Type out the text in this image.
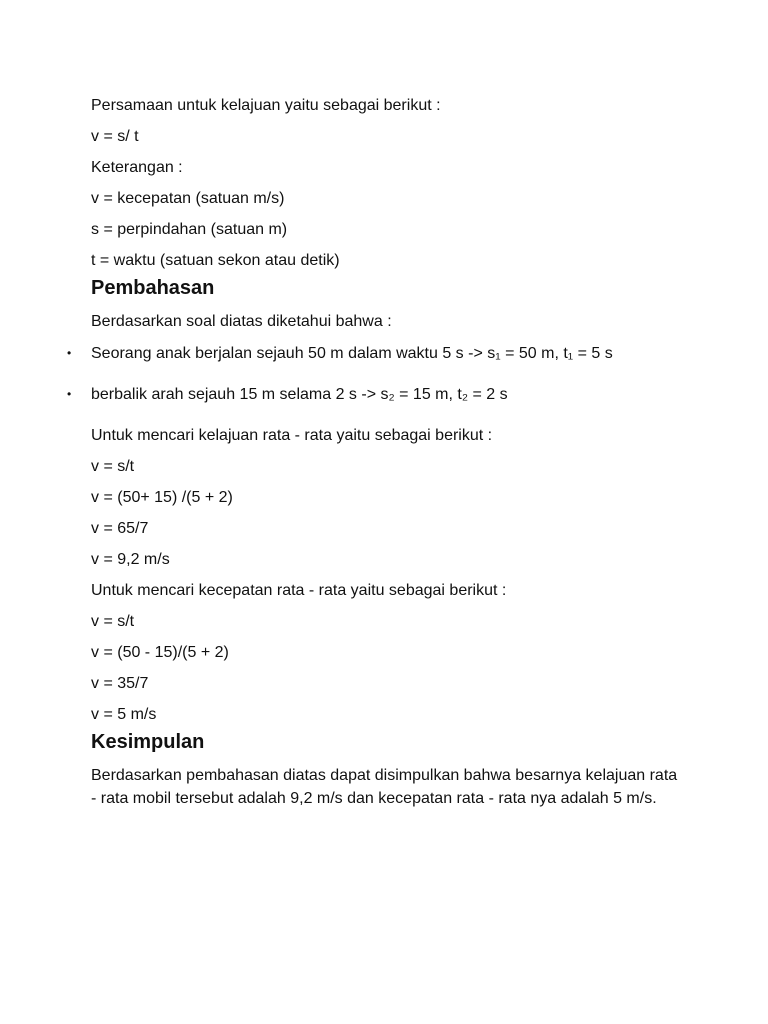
Persamaan untuk kelajuan yaitu sebagai berikut :

v = s/ t

Keterangan :

v = kecepatan (satuan m/s)

s = perpindahan (satuan m)

t = waktu (satuan sekon atau detik)

Pembahasan

Berdasarkan soal diatas diketahui bahwa :

• Seorang anak berjalan sejauh 50 m dalam waktu 5 s -> s₁ = 50 m, t₁ = 5 s
• berbalik arah sejauh 15 m selama 2 s -> s₂ = 15 m, t₂ = 2 s

Untuk mencari kelajuan rata - rata yaitu sebagai berikut :

v = s/t

v = (50+ 15) /(5 + 2)

v = 65/7

v = 9,2 m/s

Untuk mencari kecepatan rata - rata yaitu sebagai berikut :

v = s/t

v = (50 - 15)/(5 + 2)

v = 35/7

v = 5 m/s

Kesimpulan

Berdasarkan pembahasan diatas dapat disimpulkan bahwa besarnya kelajuan rata - rata mobil tersebut adalah 9,2 m/s dan kecepatan rata - rata nya adalah 5 m/s.
